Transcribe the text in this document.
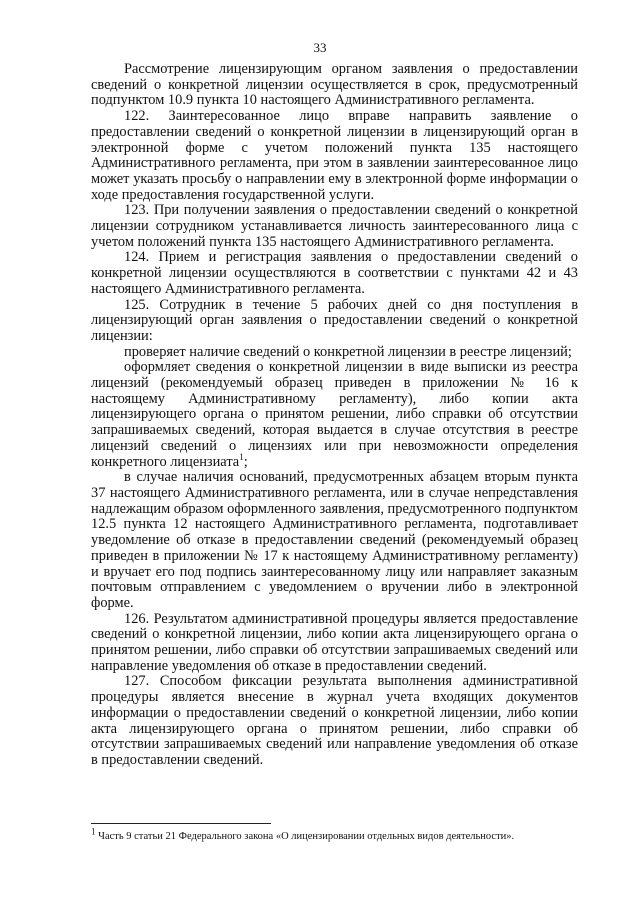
33

Рассмотрение лицензирующим органом заявления о предоставлении сведений о конкретной лицензии осуществляется в срок, предусмотренный подпунктом 10.9 пункта 10 настоящего Административного регламента.

122. Заинтересованное лицо вправе направить заявление о предоставлении сведений о конкретной лицензии в лицензирующий орган в электронной форме с учетом положений пункта 135 настоящего Административного регламента, при этом в заявлении заинтересованное лицо может указать просьбу о направлении ему в электронной форме информации о ходе предоставления государственной услуги.

123. При получении заявления о предоставлении сведений о конкретной лицензии сотрудником устанавливается личность заинтересованного лица с учетом положений пункта 135 настоящего Административного регламента.

124. Прием и регистрация заявления о предоставлении сведений о конкретной лицензии осуществляются в соответствии с пунктами 42 и 43 настоящего Административного регламента.

125. Сотрудник в течение 5 рабочих дней со дня поступления в лицензирующий орган заявления о предоставлении сведений о конкретной лицензии:

проверяет наличие сведений о конкретной лицензии в реестре лицензий;

оформляет сведения о конкретной лицензии в виде выписки из реестра лицензий (рекомендуемый образец приведен в приложении № 16 к настоящему Административному регламенту), либо копии акта лицензирующего органа о принятом решении, либо справки об отсутствии запрашиваемых сведений, которая выдается в случае отсутствия в реестре лицензий сведений о лицензиях или при невозможности определения конкретного лицензиата$^1$;

в случае наличия оснований, предусмотренных абзацем вторым пункта 37 настоящего Административного регламента, или в случае непредставления надлежащим образом оформленного заявления, предусмотренного подпунктом 12.5 пункта 12 настоящего Административного регламента, подготавливает уведомление об отказе в предоставлении сведений (рекомендуемый образец приведен в приложении № 17 к настоящему Административному регламенту) и вручает его под подпись заинтересованному лицу или направляет заказным почтовым отправлением с уведомлением о вручении либо в электронной форме.

126. Результатом административной процедуры является предоставление сведений о конкретной лицензии, либо копии акта лицензирующего органа о принятом решении, либо справки об отсутствии запрашиваемых сведений или направление уведомления об отказе в предоставлении сведений.

127. Способом фиксации результата выполнения административной процедуры является внесение в журнал учета входящих документов информации о предоставлении сведений о конкретной лицензии, либо копии акта лицензирующего органа о принятом решении, либо справки об отсутствии запрашиваемых сведений или направление уведомления об отказе в предоставлении сведений.

$^1$ Часть 9 статьи 21 Федерального закона «О лицензировании отдельных видов деятельности».
